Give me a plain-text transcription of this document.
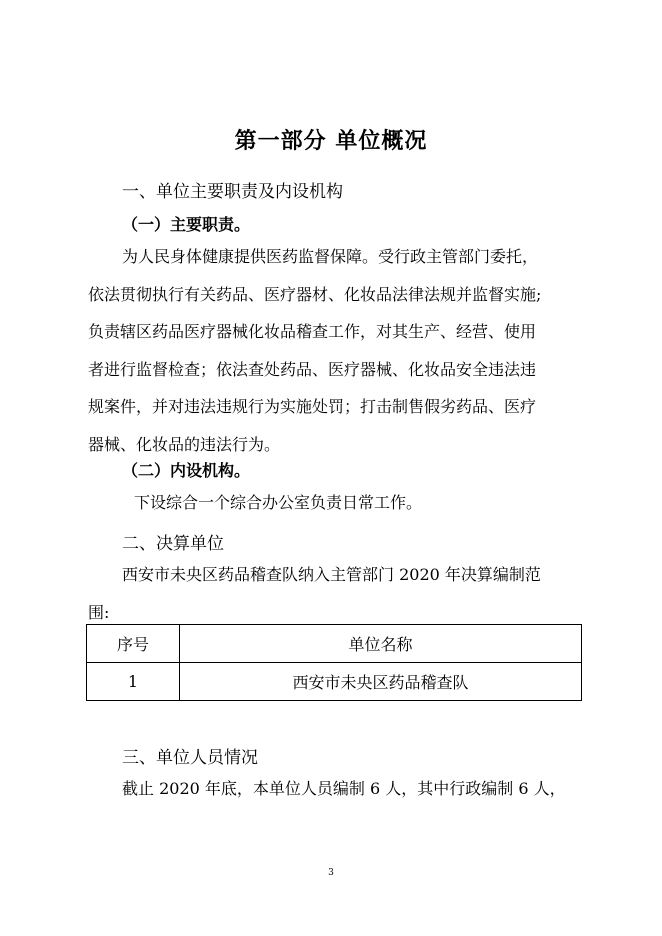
第一部分 单位概况
一、单位主要职责及内设机构
（一）主要职责。
为人民身体健康提供医药监督保障。受行政主管部门委托，
依法贯彻执行有关药品、医疗器材、化妆品法律法规并监督实施;
负责辖区药品医疗器械化妆品稽查工作，对其生产、经营、使用
者进行监督检查；依法查处药品、医疗器械、化妆品安全违法违
规案件，并对违法违规行为实施处罚；打击制售假劣药品、医疗
器械、化妆品的违法行为。
（二）内设机构。
下设综合一个综合办公室负责日常工作。
二、决算单位
西安市未央区药品稽查队纳入主管部门 2020 年决算编制范
围:
序号	单位名称
1	西安市未央区药品稽查队
三、单位人员情况
截止 2020 年底，本单位人员编制 6 人，其中行政编制 6 人，
3
